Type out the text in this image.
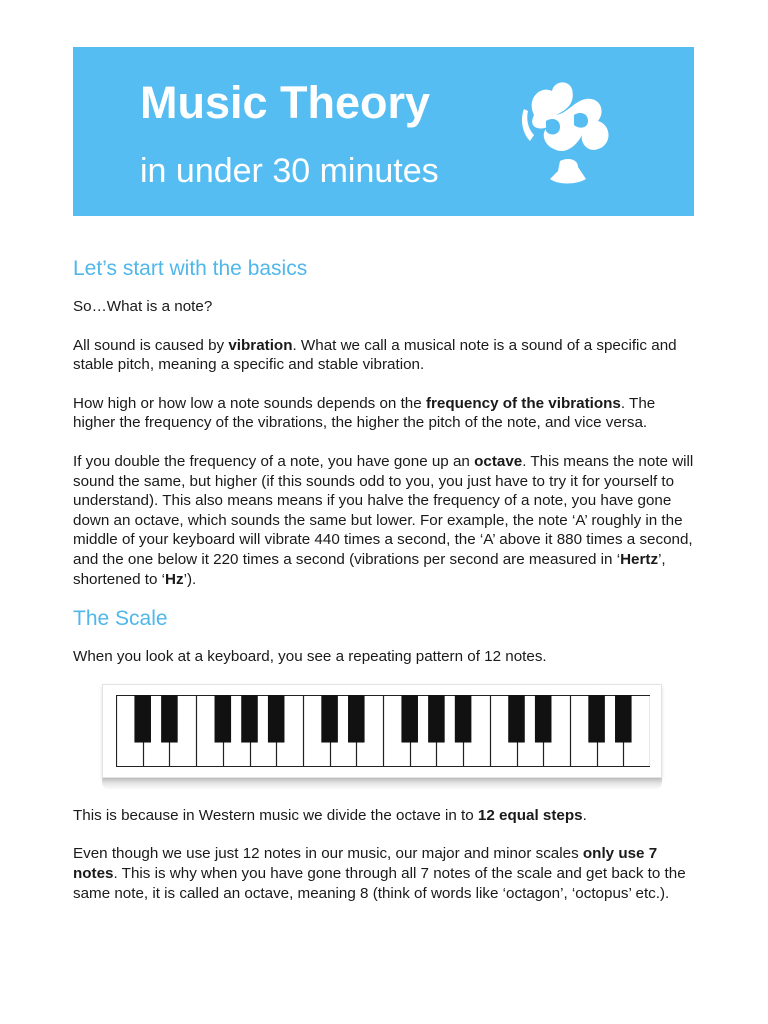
Music Theory
in under 30 minutes
Let’s start with the basics

So…What is a note?

All sound is caused by vibration. What we call a musical note is a sound of a specific and stable pitch, meaning a specific and stable vibration.

How high or how low a note sounds depends on the frequency of the vibrations. The higher the frequency of the vibrations, the higher the pitch of the note, and vice versa.

If you double the frequency of a note, you have gone up an octave. This means the note will sound the same, but higher (if this sounds odd to you, you just have to try it for yourself to understand). This also means means if you halve the frequency of a note, you have gone down an octave, which sounds the same but lower. For example, the note ‘A’ roughly in the middle of your keyboard will vibrate 440 times a second, the ‘A’ above it 880 times a second, and the one below it 220 times a second (vibrations per second are measured in ‘Hertz’, shortened to ‘Hz’).

The Scale

When you look at a keyboard, you see a repeating pattern of 12 notes.

This is because in Western music we divide the octave in to 12 equal steps.

Even though we use just 12 notes in our music, our major and minor scales only use 7 notes. This is why when you have gone through all 7 notes of the scale and get back to the same note, it is called an octave, meaning 8 (think of words like ‘octagon’, ‘octopus’ etc.).
